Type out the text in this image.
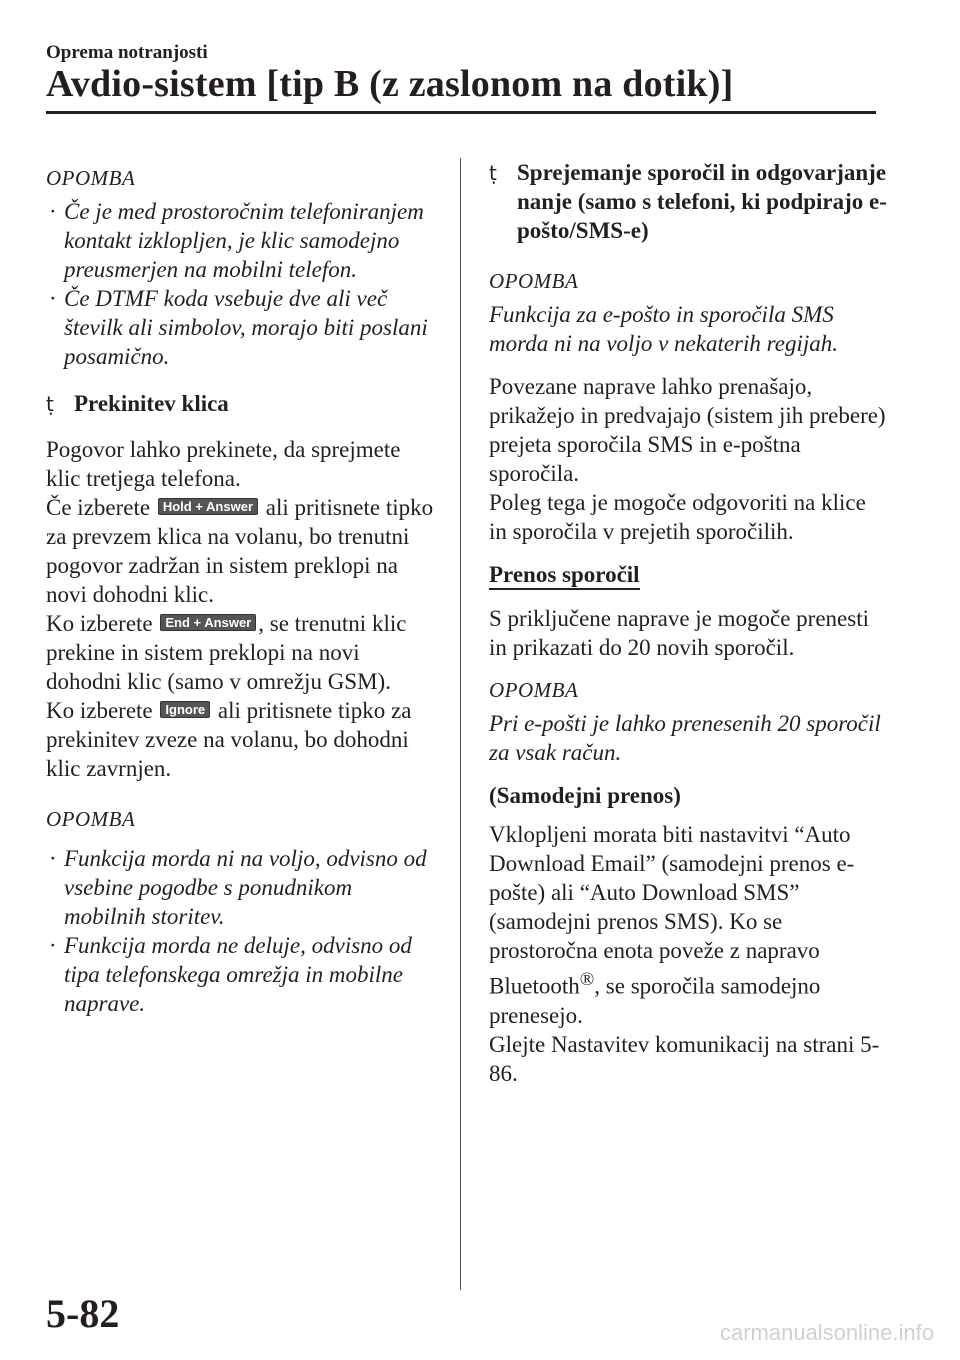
Oprema notranjosti
Avdio-sistem [tip B (z zaslonom na dotik)]
OPOMBA
· Če je med prostoročnim telefoniranjem kontakt izklopljen, je klic samodejno preusmerjen na mobilni telefon.
· Če DTMF koda vsebuje dve ali več številk ali simbolov, morajo biti poslani posamično.
ṭ Prekinitev klica

Pogovor lahko prekinete, da sprejmete klic tretjega telefona.

Če izberete Hold + Answer ali pritisnete tipko za prevzem klica na volanu, bo trenutni pogovor zadržan in sistem preklopi na novi dohodni klic.

Ko izberete End + Answer , se trenutni klic prekine in sistem preklopi na novi dohodni klic (samo v omrežju GSM).

Ko izberete Ignore ali pritisnete tipko za prekinitev zveze na volanu, bo dohodni klic zavrnjen.

OPOMBA
· Funkcija morda ni na voljo, odvisno od vsebine pogodbe s ponudnikom mobilnih storitev.
· Funkcija morda ne deluje, odvisno od tipa telefonskega omrežja in mobilne naprave.
ṭ Sprejemanje sporočil in odgovarjanje nanje (samo s telefoni, ki podpirajo e-pošto/SMS-e)
OPOMBA

Funkcija za e-pošto in sporočila SMS morda ni na voljo v nekaterih regijah.

Povezane naprave lahko prenašajo, prikažejo in predvajajo (sistem jih prebere) prejeta sporočila SMS in e-poštna sporočila.

Poleg tega je mogoče odgovoriti na klice in sporočila v prejetih sporočilih.

Prenos sporočil

S priključene naprave je mogoče prenesti in prikazati do 20 novih sporočil.

OPOMBA

Pri e-pošti je lahko prenesenih 20 sporočil za vsak račun.

(Samodejni prenos)

Vklopljeni morata biti nastavitvi “Auto Download Email” (samodejni prenos e-pošte) ali “Auto Download SMS” (samodejni prenos SMS). Ko se prostoročna enota poveže z napravo Bluetooth®, se sporočila samodejno prenesejo.

Glejte Nastavitev komunikacij na strani 5-86.

5-82	carmanualsonline.info
